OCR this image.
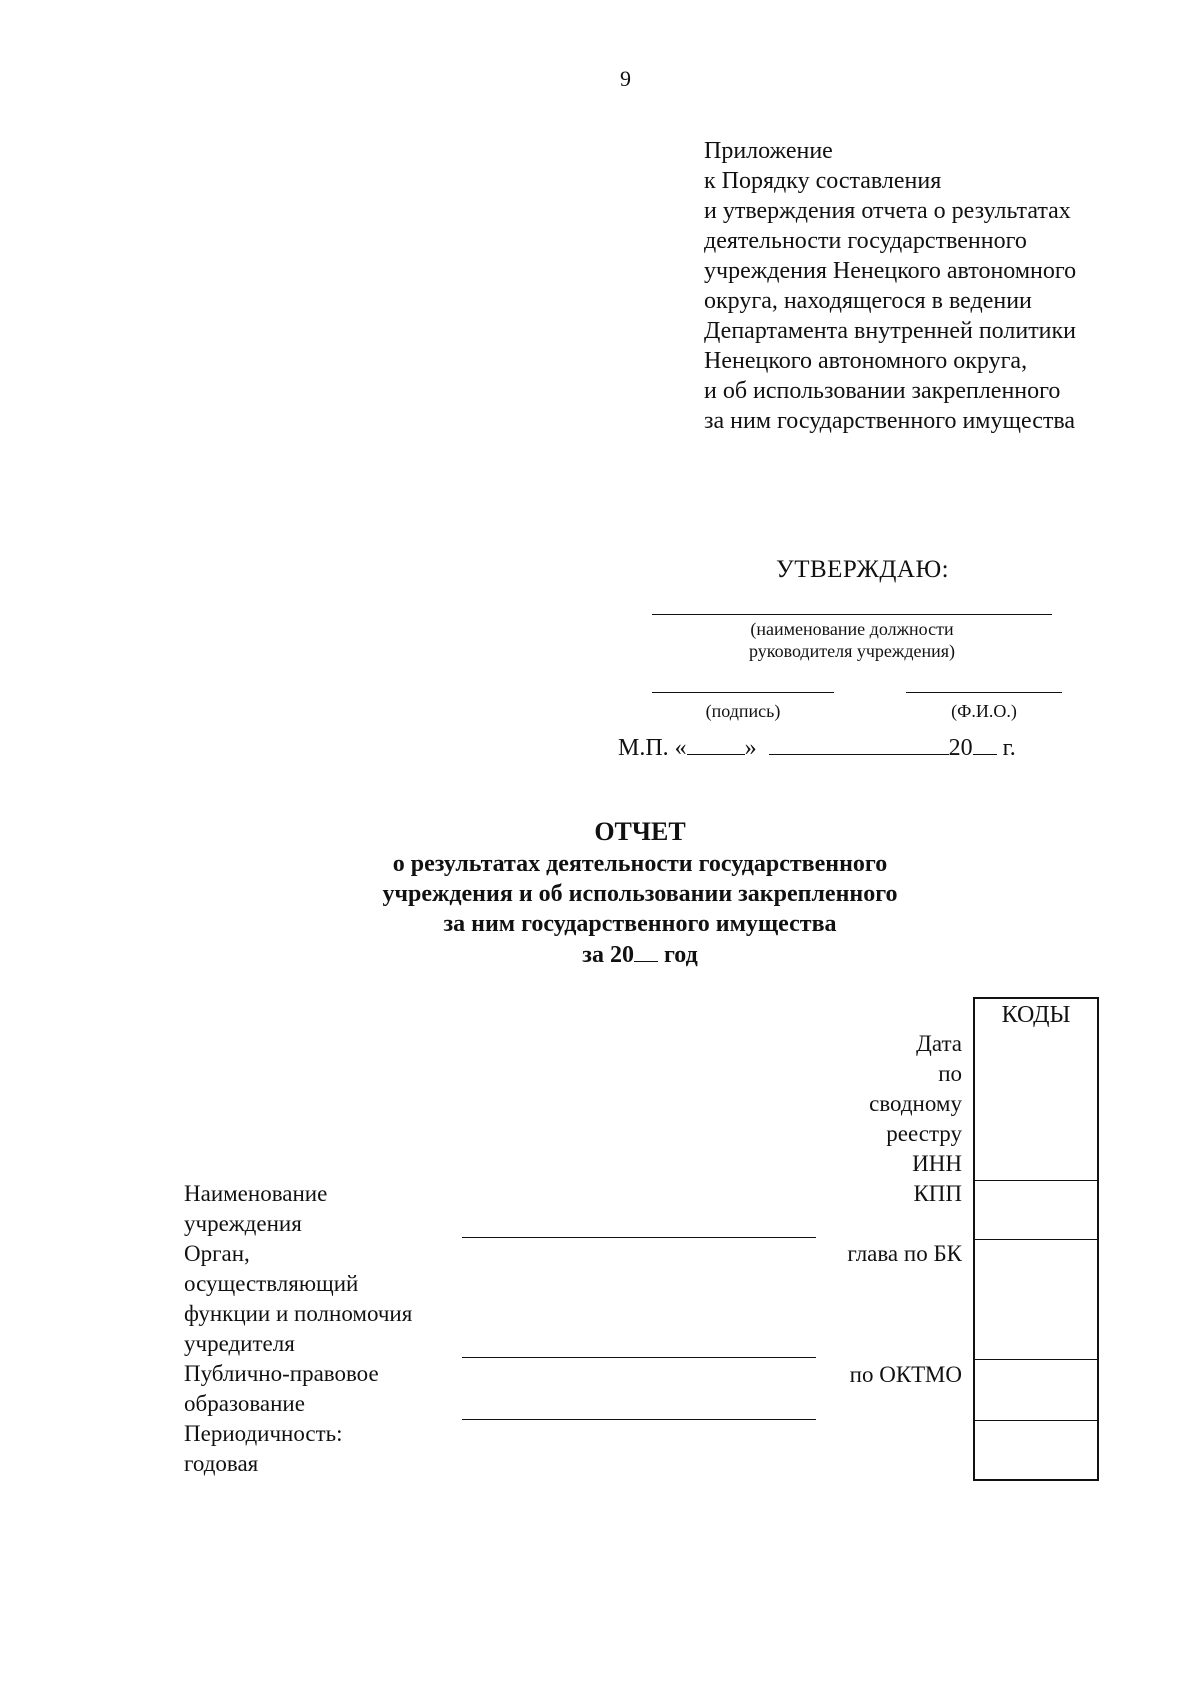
9
Приложение
к Порядку составления
и утверждения отчета о результатах
деятельности государственного
учреждения Ненецкого автономного
округа, находящегося в ведении
Департамента внутренней политики
Ненецкого автономного округа,
и об использовании закрепленного
за ним государственного имущества
УТВЕРЖДАЮ:
(наименование должности
руководителя учреждения)
(подпись)	(Ф.И.О.)
М.П. « »	20 г.
ОТЧЕТ
о результатах деятельности государственного
учреждения и об использовании закрепленного
за ним государственного имущества
за 20 год
КОДЫ
Дата
по
сводному
реестру
ИНН
КПП
глава по БК
по ОКТМО
Наименование
учреждения
Орган,
осуществляющий
функции и полномочия
учредителя
Публично-правовое
образование
Периодичность:
годовая
